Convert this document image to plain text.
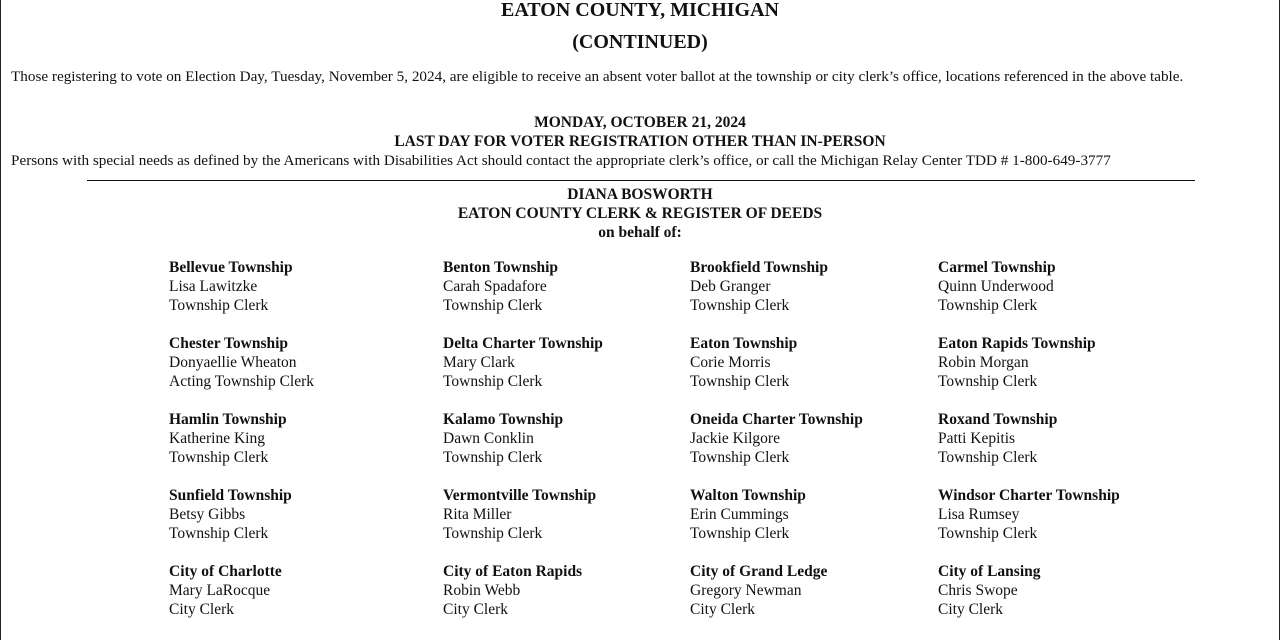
EATON COUNTY, MICHIGAN
(CONTINUED)

Those registering to vote on Election Day, Tuesday, November 5, 2024, are eligible to receive an absent voter ballot at the township or city clerk’s office, locations referenced in the above table.

MONDAY, OCTOBER 21, 2024

LAST DAY FOR VOTER REGISTRATION OTHER THAN IN-PERSON

Persons with special needs as defined by the Americans with Disabilities Act should contact the appropriate clerk’s office, or call the Michigan Relay Center TDD # 1-800-649-3777

DIANA BOSWORTH

EATON COUNTY CLERK & REGISTER OF DEEDS

on behalf of:

Bellevue Township
Lisa Lawitzke
Township Clerk
Benton Township
Carah Spadafore
Township Clerk
Brookfield Township
Deb Granger
Township Clerk
Carmel Township
Quinn Underwood
Township Clerk
Chester Township
Donyaellie Wheaton
Acting Township Clerk
Delta Charter Township
Mary Clark
Township Clerk
Eaton Township
Corie Morris
Township Clerk
Eaton Rapids Township
Robin Morgan
Township Clerk
Hamlin Township
Katherine King
Township Clerk
Kalamo Township
Dawn Conklin
Township Clerk
Oneida Charter Township
Jackie Kilgore
Township Clerk
Roxand Township
Patti Kepitis
Township Clerk
Sunfield Township
Betsy Gibbs
Township Clerk
Vermontville Township
Rita Miller
Township Clerk
Walton Township
Erin Cummings
Township Clerk
Windsor Charter Township
Lisa Rumsey
Township Clerk
City of Charlotte
Mary LaRocque
City Clerk
City of Eaton Rapids
Robin Webb
City Clerk
City of Grand Ledge
Gregory Newman
City Clerk
City of Lansing
Chris Swope
City Clerk
